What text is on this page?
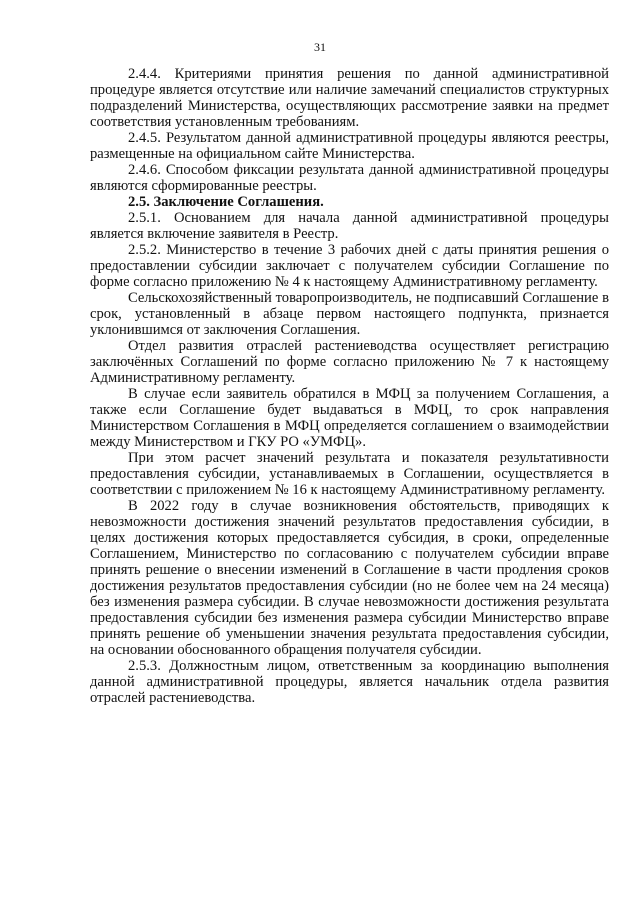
31

2.4.4. Критериями принятия решения по данной административной процедуре является отсутствие или наличие замечаний специалистов структурных подразделений Министерства, осуществляющих рассмотрение заявки на предмет соответствия установленным требованиям.

2.4.5. Результатом данной административной процедуры являются реестры, размещенные на официальном сайте Министерства.

2.4.6. Способом фиксации результата данной административной процедуры являются сформированные реестры.

2.5. Заключение Соглашения.

2.5.1. Основанием для начала данной административной процедуры является включение заявителя в Реестр.

2.5.2. Министерство в течение 3 рабочих дней с даты принятия решения о предоставлении субсидии заключает с получателем субсидии Соглашение по форме согласно приложению № 4 к настоящему Административному регламенту.

Сельскохозяйственный товаропроизводитель, не подписавший Соглашение в срок, установленный в абзаце первом настоящего подпункта, признается уклонившимся от заключения Соглашения.

Отдел развития отраслей растениеводства осуществляет регистрацию заключённых Соглашений по форме согласно приложению № 7 к настоящему Административному регламенту.

В случае если заявитель обратился в МФЦ за получением Соглашения, а также если Соглашение будет выдаваться в МФЦ, то срок направления Министерством Соглашения в МФЦ определяется соглашением о взаимодействии между Министерством и ГКУ РО «УМФЦ».

При этом расчет значений результата и показателя результативности предоставления субсидии, устанавливаемых в Соглашении, осуществляется в соответствии с приложением № 16 к настоящему Административному регламенту.

В 2022 году в случае возникновения обстоятельств, приводящих к невозможности достижения значений результатов предоставления субсидии, в целях достижения которых предоставляется субсидия, в сроки, определенные Соглашением, Министерство по согласованию с получателем субсидии вправе принять решение о внесении изменений в Соглашение в части продления сроков достижения результатов предоставления субсидии (но не более чем на 24 месяца) без изменения размера субсидии. В случае невозможности достижения результата предоставления субсидии без изменения размера субсидии Министерство вправе принять решение об уменьшении значения результата предоставления субсидии, на основании обоснованного обращения получателя субсидии.

2.5.3. Должностным лицом, ответственным за координацию выполнения данной административной процедуры, является начальник отдела развития отраслей растениеводства.
